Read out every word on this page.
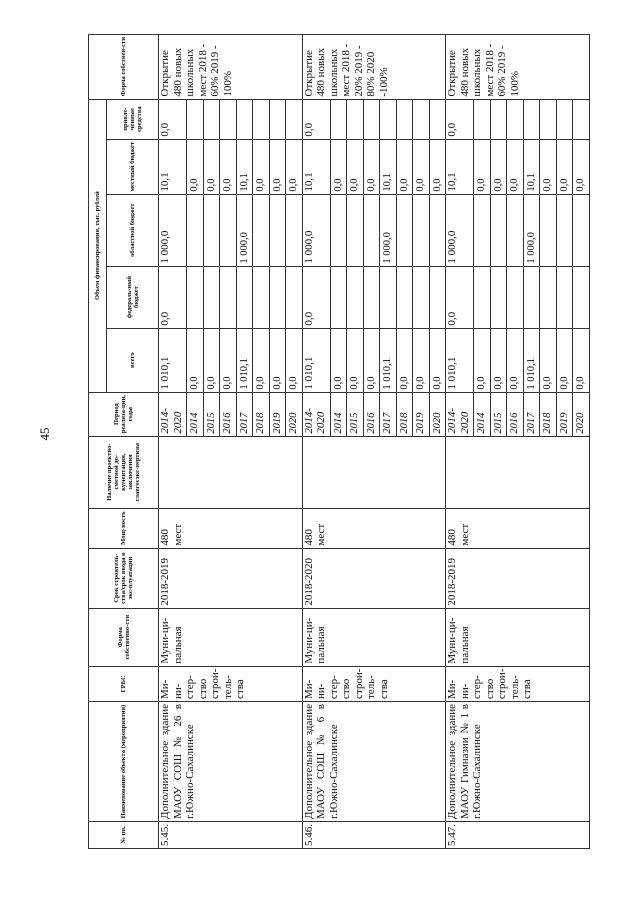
45
№ пп.	Наименование объекта (мероприятия)	ГРБС	Форма собственно-сти	Срок строитель-ства/срок ввода в экс-плуатации	Мощ-ность	Наличие проектно-сметной до-кументации, заключения главгосэкс-пертизы	Период реализа-ции, годы	Объем финансирования, тыс. рублей					Форма собствен-сти
								всего	федераль-ный бюджет	областной бюджет	местный бюджет	привле-ченные средства	
5.45.	Дополнительное здание МАОУ СОШ № 26 в г.Южно-Сахалинске	Ми-ни-стер-ство строи-тель-ства	Муни-ци-пальная	2018-2019	480 мест		2014-2020	1 010,1	0,0	1 000,0	10,1	0,0	Открытие 480 новых школьных мест 2018 - 60% 2019 - 100%
							2014	0,0			0,0		
							2015	0,0			0,0		
							2016	0,0			0,0		
							2017	1 010,1		1 000,0	10,1		
							2018	0,0			0,0		
							2019	0,0			0,0		
							2020	0,0			0,0		
5.46.	Дополнительное здание МАОУ СОШ № 6 в г.Южно-Сахалинске	Ми-ни-стер-ство строи-тель-ства	Муни-ци-пальная	2018-2020	480 мест		2014-2020	1 010,1	0,0	1 000,0	10,1	0,0	Открытие 480 новых школьных мест 2018 - 20% 2019 - 80% 2020 -100%
							2014	0,0			0,0		
							2015	0,0			0,0		
							2016	0,0			0,0		
							2017	1 010,1		1 000,0	10,1		
							2018	0,0			0,0		
							2019	0,0			0,0		
							2020	0,0			0,0		
5.47.	Дополнительное здание МАОУ Гимназии № 1 в г.Южно-Сахалинске	Ми-ни-стер-ство строи-тель-ства	Муни-ци-пальная	2018-2019	480 мест		2014-2020	1 010,1	0,0	1 000,0	10,1	0,0	Открытие 480 новых школьных мест 2018 - 60% 2019 - 100%
							2014	0,0			0,0		
							2015	0,0			0,0		
							2016	0,0			0,0		
							2017	1 010,1		1 000,0	10,1		
							2018	0,0			0,0		
							2019	0,0			0,0		
							2020	0,0			0,0		
